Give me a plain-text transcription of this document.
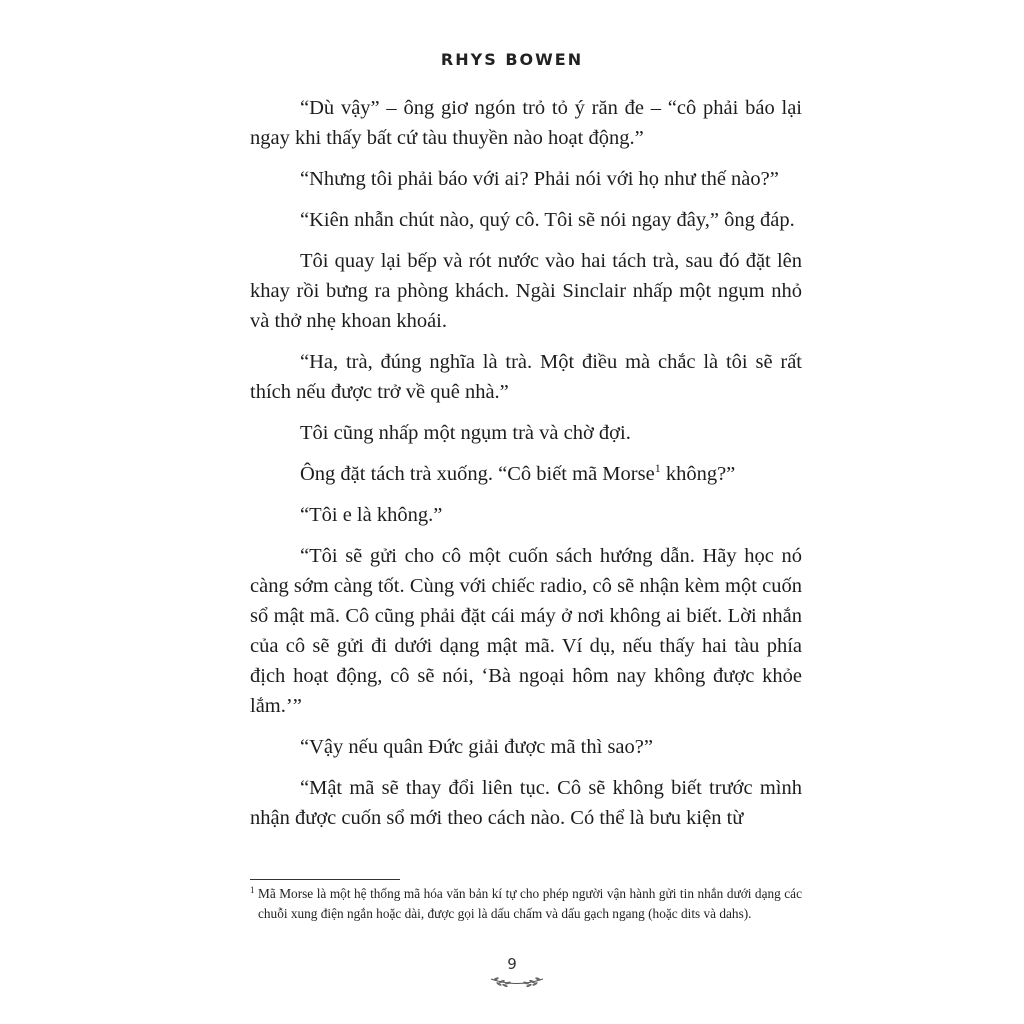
RHYS BOWEN

“Dù vậy” – ông giơ ngón trỏ tỏ ý răn đe – “cô phải báo lại ngay khi thấy bất cứ tàu thuyền nào hoạt động.”

“Nhưng tôi phải báo với ai? Phải nói với họ như thế nào?”

“Kiên nhẫn chút nào, quý cô. Tôi sẽ nói ngay đây,” ông đáp.

Tôi quay lại bếp và rót nước vào hai tách trà, sau đó đặt lên khay rồi bưng ra phòng khách. Ngài Sinclair nhấp một ngụm nhỏ và thở nhẹ khoan khoái.

“Ha, trà, đúng nghĩa là trà. Một điều mà chắc là tôi sẽ rất thích nếu được trở về quê nhà.”

Tôi cũng nhấp một ngụm trà và chờ đợi.

Ông đặt tách trà xuống. “Cô biết mã Morse$^1$ không?”

“Tôi e là không.”

“Tôi sẽ gửi cho cô một cuốn sách hướng dẫn. Hãy học nó càng sớm càng tốt. Cùng với chiếc radio, cô sẽ nhận kèm một cuốn sổ mật mã. Cô cũng phải đặt cái máy ở nơi không ai biết. Lời nhắn của cô sẽ gửi đi dưới dạng mật mã. Ví dụ, nếu thấy hai tàu phía địch hoạt động, cô sẽ nói, ‘Bà ngoại hôm nay không được khỏe lắm.’”

“Vậy nếu quân Đức giải được mã thì sao?”

“Mật mã sẽ thay đổi liên tục. Cô sẽ không biết trước mình nhận được cuốn sổ mới theo cách nào. Có thể là bưu kiện từ

1 Mã Morse là một hệ thống mã hóa văn bản kí tự cho phép người vận hành gửi tin nhắn dưới dạng các chuỗi xung điện ngắn hoặc dài, được gọi là dấu chấm và dấu gạch ngang (hoặc dits và dahs).
9
